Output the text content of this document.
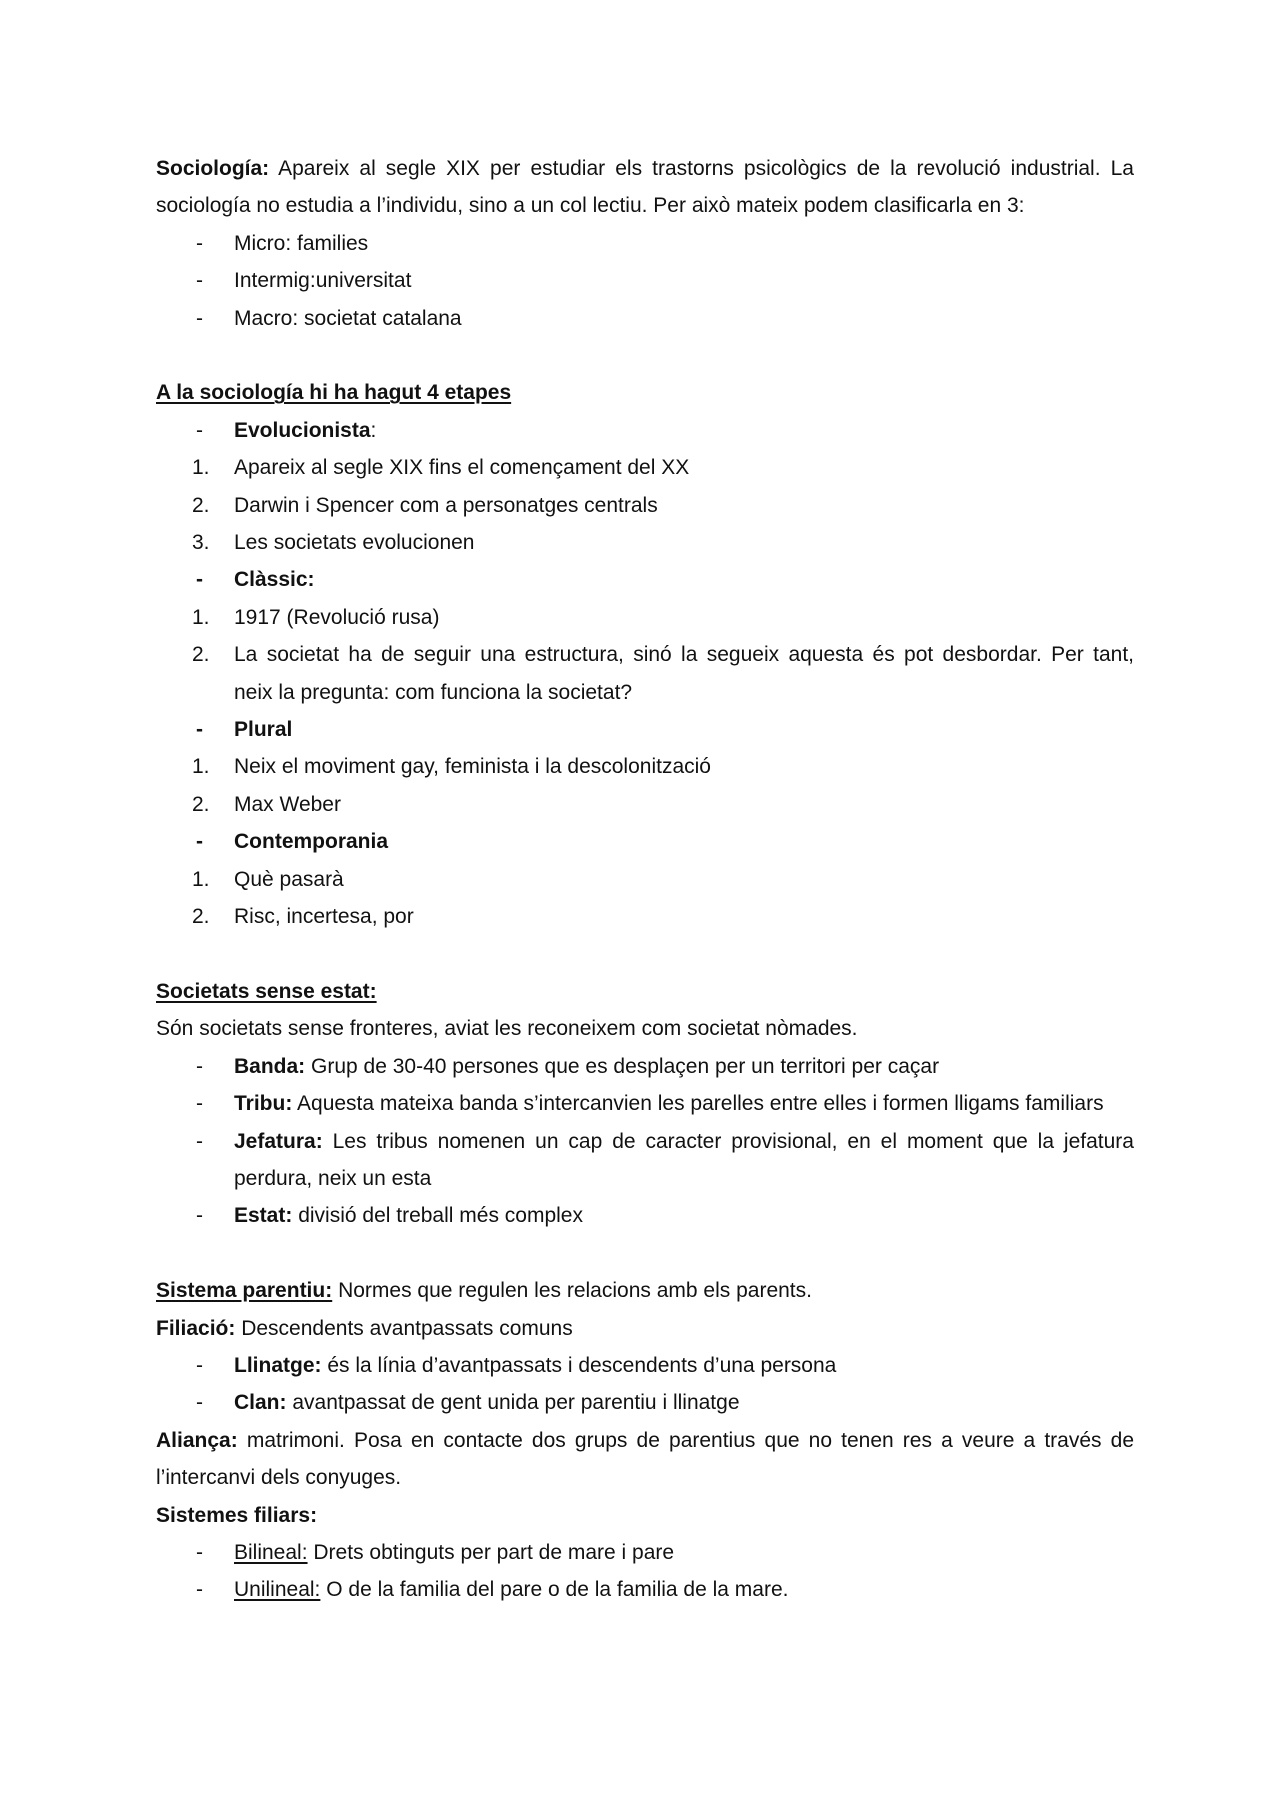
Sociología: Apareix al segle XIX per estudiar els trastorns psicològics de la revolució industrial. La
sociología no estudia a l’individu, sino a un col lectiu. Per això mateix podem clasificarla en 3:
-	Micro: families
-	Intermig:universitat
-	Macro: societat catalana
A la sociología hi ha hagut 4 etapes
-	Evolucionista:
1.	Apareix al segle XIX fins el començament del XX
2.	Darwin i Spencer com a personatges centrals
3.	Les societats evolucionen
-	Clàssic:
1.	1917 (Revolució rusa)
2.	La societat ha de seguir una estructura, sinó la segueix aquesta és pot desbordar. Per tant,
neix la pregunta: com funciona la societat?
-	Plural
1.	Neix el moviment gay, feminista i la descolonització
2.	Max Weber
-	Contemporania
1.	Què pasarà
2.	Risc, incertesa, por
Societats sense estat:
Són societats sense fronteres, aviat les reconeixem com societat nòmades.
-	Banda: Grup de 30-40 persones que es desplaçen per un territori per caçar
-	Tribu: Aquesta mateixa banda s’intercanvien les parelles entre elles i formen lligams familiars
-	Jefatura: Les tribus nomenen un cap de caracter provisional, en el moment que la jefatura
perdura, neix un esta
-	Estat: divisió del treball més complex
Sistema parentiu: Normes que regulen les relacions amb els parents.
Filiació: Descendents avantpassats comuns
-	Llinatge: és la línia d’avantpassats i descendents d’una persona
-	Clan: avantpassat de gent unida per parentiu i llinatge
Aliança: matrimoni. Posa en contacte dos grups de parentius que no tenen res a veure a través de
l’intercanvi dels conyuges.
Sistemes filiars:
-	Bilineal: Drets obtinguts per part de mare i pare
-	Unilineal: O de la familia del pare o de la familia de la mare.
